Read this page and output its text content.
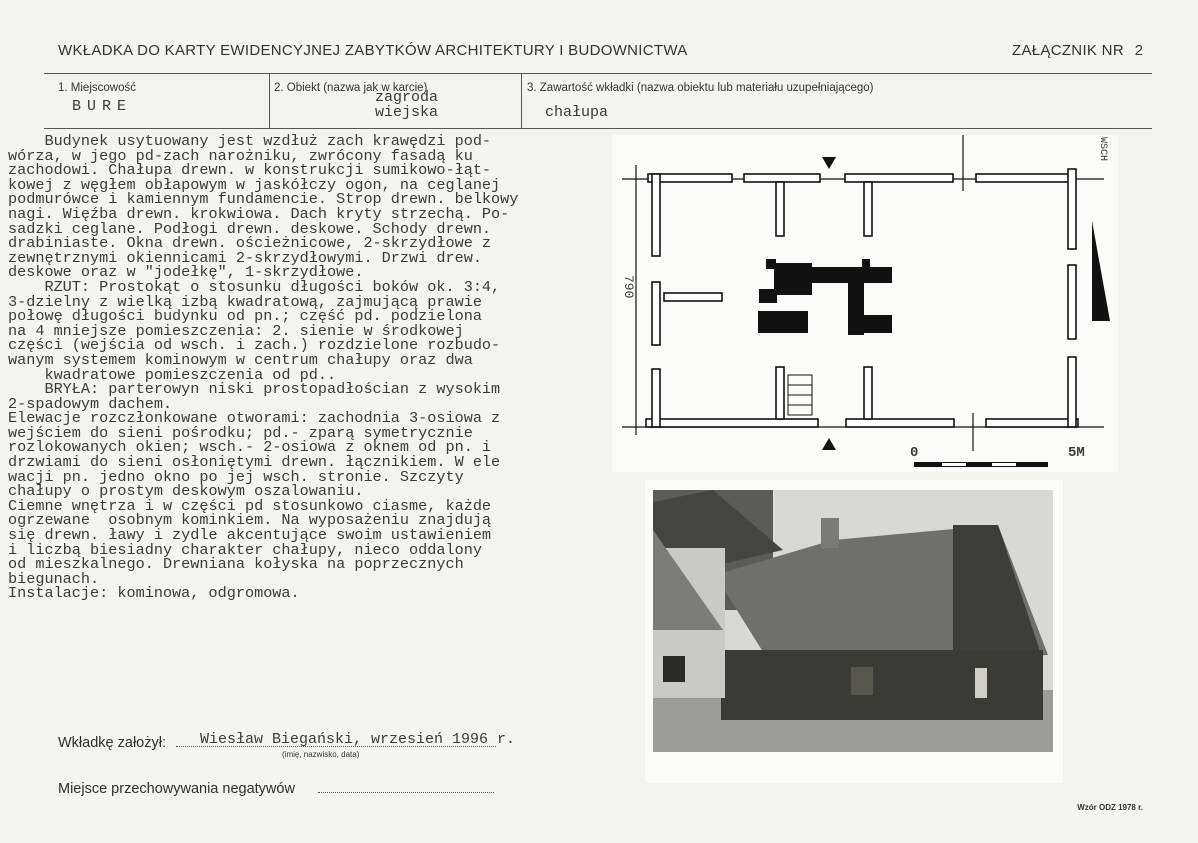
WKŁADKA DO KARTY EWIDENCYJNEJ ZABYTKÓW ARCHITEKTURY I BUDOWNICTWA	ZAŁĄCZNIK NR 2
1. Miejscowość
BURE
2. Obiekt (nazwa jak w karcie)
zagroda
wiejska
3. Zawartość wkładki (nazwa obiektu lub materiału uzupełniającego)
chałupa
Budynek usytuowany jest wzdłuż zach krawędzi pod-
wórza, w jego pd-zach narożniku, zwrócony fasadą ku
zachodowi. Chałupa drewn. w konstrukcji sumikowo-łąt-
kowej z węgłem obłapowym w jaskółczy ogon, na ceglanej
podmurówce i kamiennym fundamencie. Strop drewn. belkowy
nagi. Więźba drewn. krokwiowa. Dach kryty strzechą. Po-
sadzki ceglane. Podłogi drewn. deskowe. Schody drewn.
drabiniaste. Okna drewn. ościeżnicowe, 2-skrzydłowe z
zewnętrznymi okiennicami 2-skrzydłowymi. Drzwi drew.
deskowe oraz w "jodełkę", 1-skrzydłowe.
RZUT: Prostokąt o stosunku długości boków ok. 3:4,
3-dzielny z wielką izbą kwadratową, zajmującą prawie
połowę długości budynku od pn.; część pd. podzielona
na 4 mniejsze pomieszczenia: 2. sienie w środkowej
części (wejścia od wsch. i zach.) rozdzielone rozbudo-
wanym systemem kominowym w centrum chałupy oraz dwa
kwadratowe pomieszczenia od pd..
BRYŁA: parterowyn niski prostopadłościan z wysokim
2-spadowym dachem.
Elewacje rozczłonkowane otworami: zachodnia 3-osiowa z
wejściem do sieni pośrodku; pd.- zparą symetrycznie
rozlokowanych okien; wsch.- 2-osiowa z oknem od pn. i
drzwiami do sieni osłoniętymi drewn. łącznikiem. W ele
wacji pn. jedno okno po jej wsch. stronie. Szczyty
chałupy o prostym deskowym oszalowaniu.
Ciemne wnętrza i w części pd stosunkowo ciasme, każde
ogrzewane  osobnym kominkiem. Na wyposażeniu znajdują
się drewn. ławy i zydle akcentujące swoim ustawieniem
i liczbą biesiadny charakter chałupy, nieco oddalony
od mieszkalnego. Drewniana kołyska na poprzecznych
biegunach.
Instalacje: kominowa, odgromowa.
790
WSCH
0	5M
Wkładkę założył: Wiesław Biegański, wrzesień 1996 r.
(imię, nazwisko, data)
Miejsce przechowywania negatywów
Wzór ODZ 1978 r.
